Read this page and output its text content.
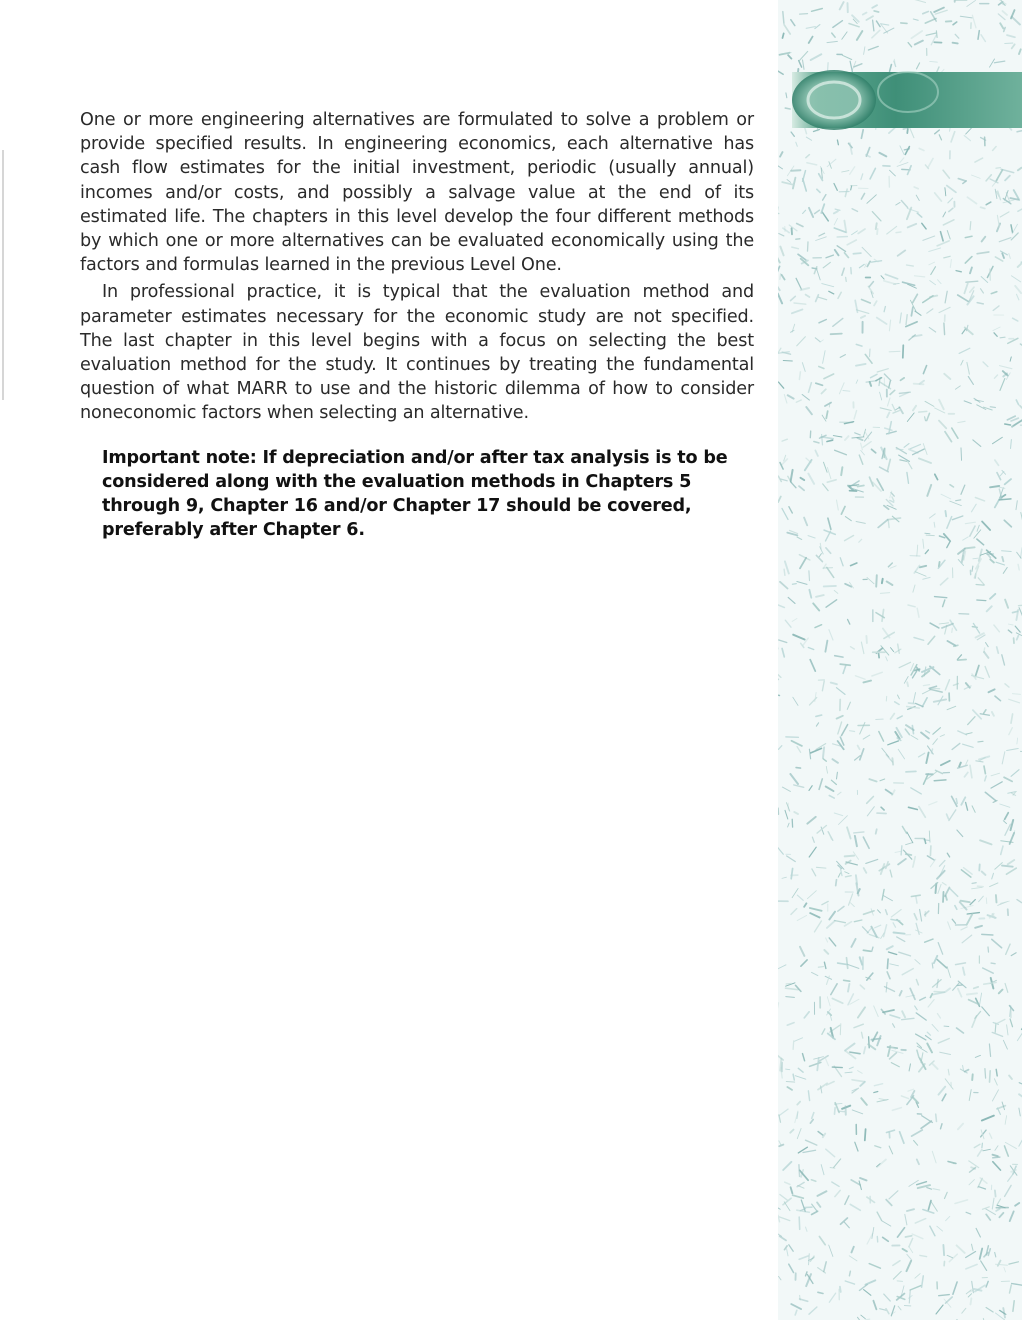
One or more engineering alternatives are formulated to solve a problem or provide specified results. In engineering economics, each alternative has cash flow estimates for the initial investment, periodic (usually annual) incomes and/or costs, and possibly a salvage value at the end of its estimated life. The chapters in this level develop the four different methods by which one or more alternatives can be evaluated economically using the factors and formulas learned in the previous Level One.

In professional practice, it is typical that the evaluation method and parameter estimates necessary for the economic study are not specified. The last chapter in this level begins with a focus on selecting the best evaluation method for the study. It continues by treating the fundamental question of what MARR to use and the historic dilemma of how to consider noneconomic factors when selecting an alternative.

Important note: If depreciation and/or after tax analysis is to be considered along with the evaluation methods in Chapters 5 through 9, Chapter 16 and/or Chapter 17 should be covered, preferably after Chapter 6.
